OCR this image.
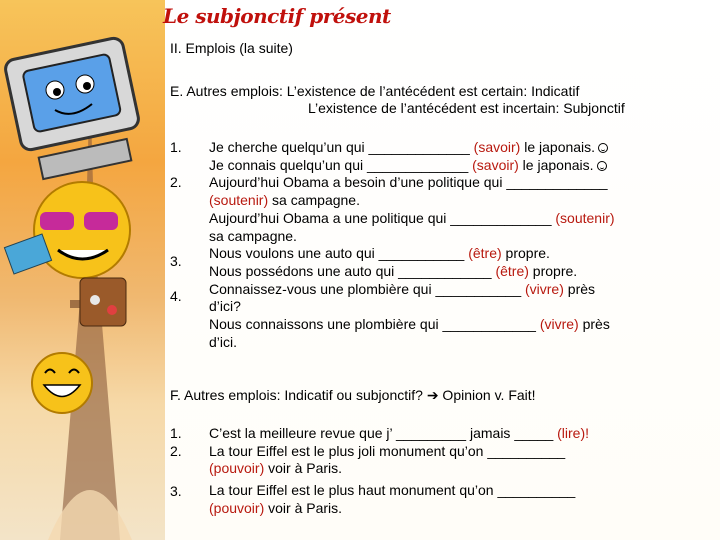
Le subjonctif présent
II. Emplois (la suite)
E. Autres emplois: L’existence de l’antécédent est certain: Indicatif
L’existence de l’antécédent est incertain: Subjonctif
1.
2.
3.
4.
Je cherche quelqu’un qui _____________ (savoir) le japonais.
Je connais quelqu’un qui _____________ (savoir) le japonais.
Aujourd’hui Obama a besoin d’une politique qui _____________
(soutenir) sa campagne.
Aujourd’hui Obama a une politique qui _____________ (soutenir)
sa campagne.
Nous voulons une auto qui ___________ (être) propre.
Nous possédons une auto qui ____________ (être) propre.
Connaissez-vous une plombière qui ___________ (vivre) près
d’ici?
Nous connaissons une plombière qui ____________ (vivre) près
d’ici.
F. Autres emplois: Indicatif ou subjonctif? ➔ Opinion v. Fait!
1.
2.
3.
C’est la meilleure revue que j’ _________ jamais _____ (lire)!
La tour Eiffel est le plus joli monument qu’on __________
(pouvoir) voir à Paris.
La tour Eiffel est le plus haut monument qu’on __________
(pouvoir) voir à Paris.
